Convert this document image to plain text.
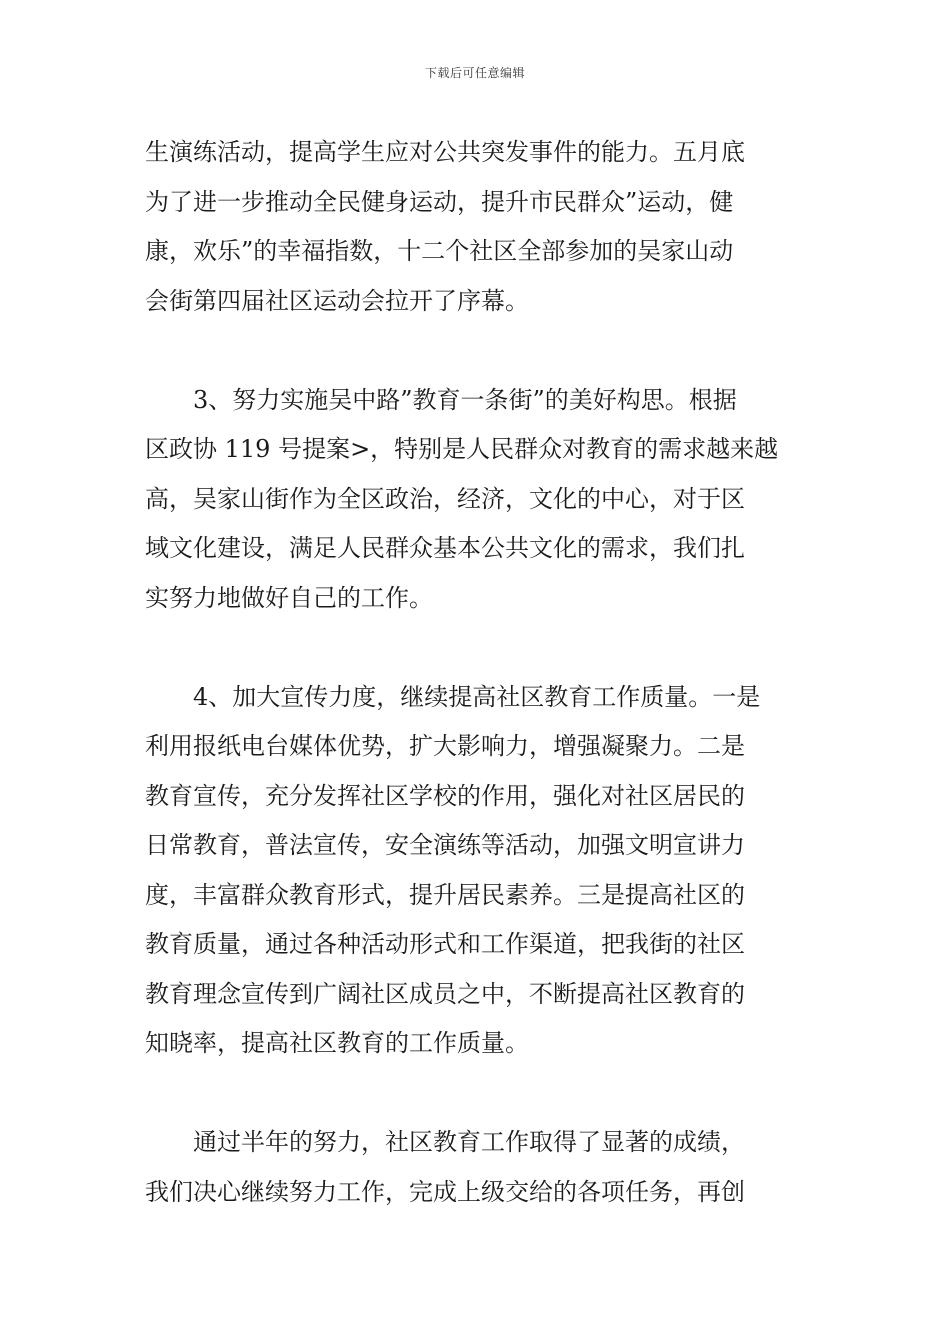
下载后可任意编辑
生演练活动，提高学生应对公共突发事件的能力。五月底
为了进一步推动全民健身运动，提升市民群众”运动，健
康，欢乐”的幸福指数，十二个社区全部参加的吴家山动
会街第四届社区运动会拉开了序幕。
3、努力实施吴中路”教育一条街”的美好构思。根据
区政协 119 号提案>，特别是人民群众对教育的需求越来越
高，吴家山街作为全区政治，经济，文化的中心，对于区
域文化建设，满足人民群众基本公共文化的需求，我们扎
实努力地做好自己的工作。
4、加大宣传力度，继续提高社区教育工作质量。一是
利用报纸电台媒体优势，扩大影响力，增强凝聚力。二是
教育宣传，充分发挥社区学校的作用，强化对社区居民的
日常教育，普法宣传，安全演练等活动，加强文明宣讲力
度，丰富群众教育形式，提升居民素养。三是提高社区的
教育质量，通过各种活动形式和工作渠道，把我街的社区
教育理念宣传到广阔社区成员之中，不断提高社区教育的
知晓率，提高社区教育的工作质量。
通过半年的努力，社区教育工作取得了显著的成绩，
我们决心继续努力工作，完成上级交给的各项任务，再创
